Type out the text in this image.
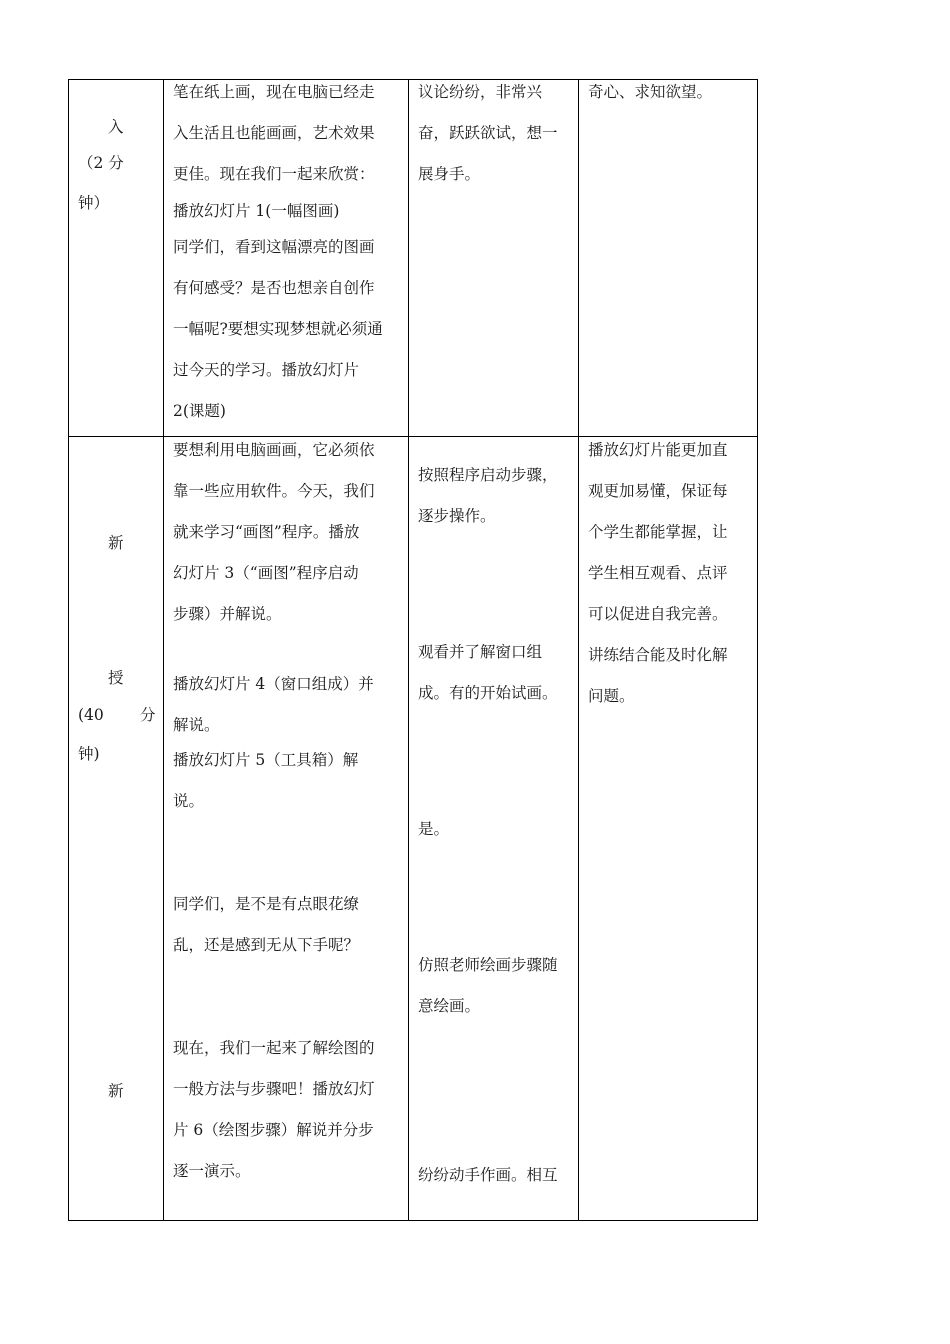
入
（2 分
钟）
笔在纸上画，现在电脑已经走
入生活且也能画画，艺术效果
更佳。现在我们一起来欣赏：
播放幻灯片 1(一幅图画)
同学们，看到这幅漂亮的图画
有何感受？是否也想亲自创作
一幅呢?要想实现梦想就必须通
过今天的学习。播放幻灯片
2(课题)
议论纷纷，非常兴
奋，跃跃欲试，想一
展身手。
奇心、求知欲望。
新
授
(40 分
钟)
新
要想利用电脑画画，它必须依
靠一些应用软件。今天，我们
就来学习“画图”程序。播放
幻灯片 3（“画图”程序启动
步骤）并解说。
播放幻灯片 4（窗口组成）并
解说。
播放幻灯片 5（工具箱）解
说。
同学们，是不是有点眼花缭
乱，还是感到无从下手呢？
现在，我们一起来了解绘图的
一般方法与步骤吧！播放幻灯
片 6（绘图步骤）解说并分步
逐一演示。
按照程序启动步骤，
逐步操作。
观看并了解窗口组
成。有的开始试画。
是。
仿照老师绘画步骤随
意绘画。
纷纷动手作画。相互
播放幻灯片能更加直
观更加易懂，保证每
个学生都能掌握，让
学生相互观看、点评
可以促进自我完善。
讲练结合能及时化解
问题。
